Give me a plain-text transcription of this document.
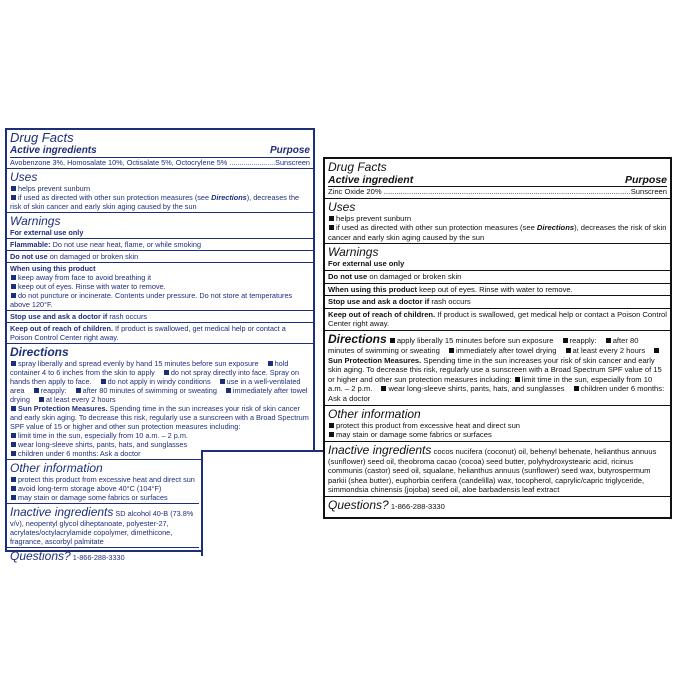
Drug Facts
Active ingredients	Purpose
Avobenzone 3%, Homosalate 10%, Octisalate 5%, Octocrylene 5% .....	Sunscreen
Uses

helps prevent sunburn

if used as directed with other sun protection measures (see Directions), decreases the risk of skin cancer and early skin aging caused by the sun

Warnings

For external use only

Flammable: Do not use near heat, flame, or while smoking

Do not use on damaged or broken skin

When using this product

keep away from face to avoid breathing it

keep out of eyes. Rinse with water to remove.

do not puncture or incinerate. Contents under pressure. Do not store at temperatures above 120°F.

Stop use and ask a doctor if rash occurs

Keep out of reach of children. If product is swallowed, get medical help or contact a Poison Control Center right away.

Directions

spray liberally and spread evenly by hand 15 minutes before sun exposure hold container 4 to 6 inches from the skin to apply do not spray directly into face. Spray on hands then apply to face. do not apply in windy conditions use in a well-ventilated area reapply: after 80 minutes of swimming or sweating immediately after towel drying at least every 2 hours

Sun Protection Measures. Spending time in the sun increases your risk of skin cancer and early skin aging. To decrease this risk, regularly use a sunscreen with a Broad Spectrum SPF value of 15 or higher and other sun protection measures including:

limit time in the sun, especially from 10 a.m. – 2 p.m.

wear long-sleeve shirts, pants, hats, and sunglasses

children under 6 months: Ask a doctor

Other information

protect this product from excessive heat and direct sun

avoid long-term storage above 40°C (104°F)

may stain or damage some fabrics or surfaces

Inactive ingredients SD alcohol 40-B (73.8% v/v), neopentyl glycol diheptanoate, polyester-27, acrylates/octylacrylamide copolymer, dimethicone, fragrance, ascorbyl palmitate

Questions? 1-866-288-3330

Drug Facts
Active ingredient	Purpose
Zinc Oxide 20% .....	Sunscreen
Uses

helps prevent sunburn

if used as directed with other sun protection measures (see Directions), decreases the risk of skin cancer and early skin aging caused by the sun

Warnings

For external use only

Do not use on damaged or broken skin

When using this product keep out of eyes. Rinse with water to remove.

Stop use and ask a doctor if rash occurs

Keep out of reach of children. If product is swallowed, get medical help or contact a Poison Control Center right away.

Directions apply liberally 15 minutes before sun exposure reapply: after 80 minutes of swimming or sweating immediately after towel drying at least every 2 hours Sun Protection Measures. Spending time in the sun increases your risk of skin cancer and early skin aging. To decrease this risk, regularly use a sunscreen with a Broad Spectrum SPF value of 15 or higher and other sun protection measures including: limit time in the sun, especially from 10 a.m. – 2 p.m. wear long-sleeve shirts, pants, hats, and sunglasses children under 6 months: Ask a doctor

Other information

protect this product from excessive heat and direct sun

may stain or damage some fabrics or surfaces

Inactive ingredients cocos nucifera (coconut) oil, behenyl behenate, helianthus annuus (sunflower) seed oil, theobroma cacao (cocoa) seed butter, polyhydroxystearic acid, ricinus communis (castor) seed oil, squalane, helianthus annuus (sunflower) seed wax, butyrospermum parkii (shea butter), euphorbia cerifera (candelilla) wax, tocopherol, caprylic/capric triglyceride, simmondsia chinensis (jojoba) seed oil, aloe barbadensis leaf extract

Questions? 1-866-288-3330
